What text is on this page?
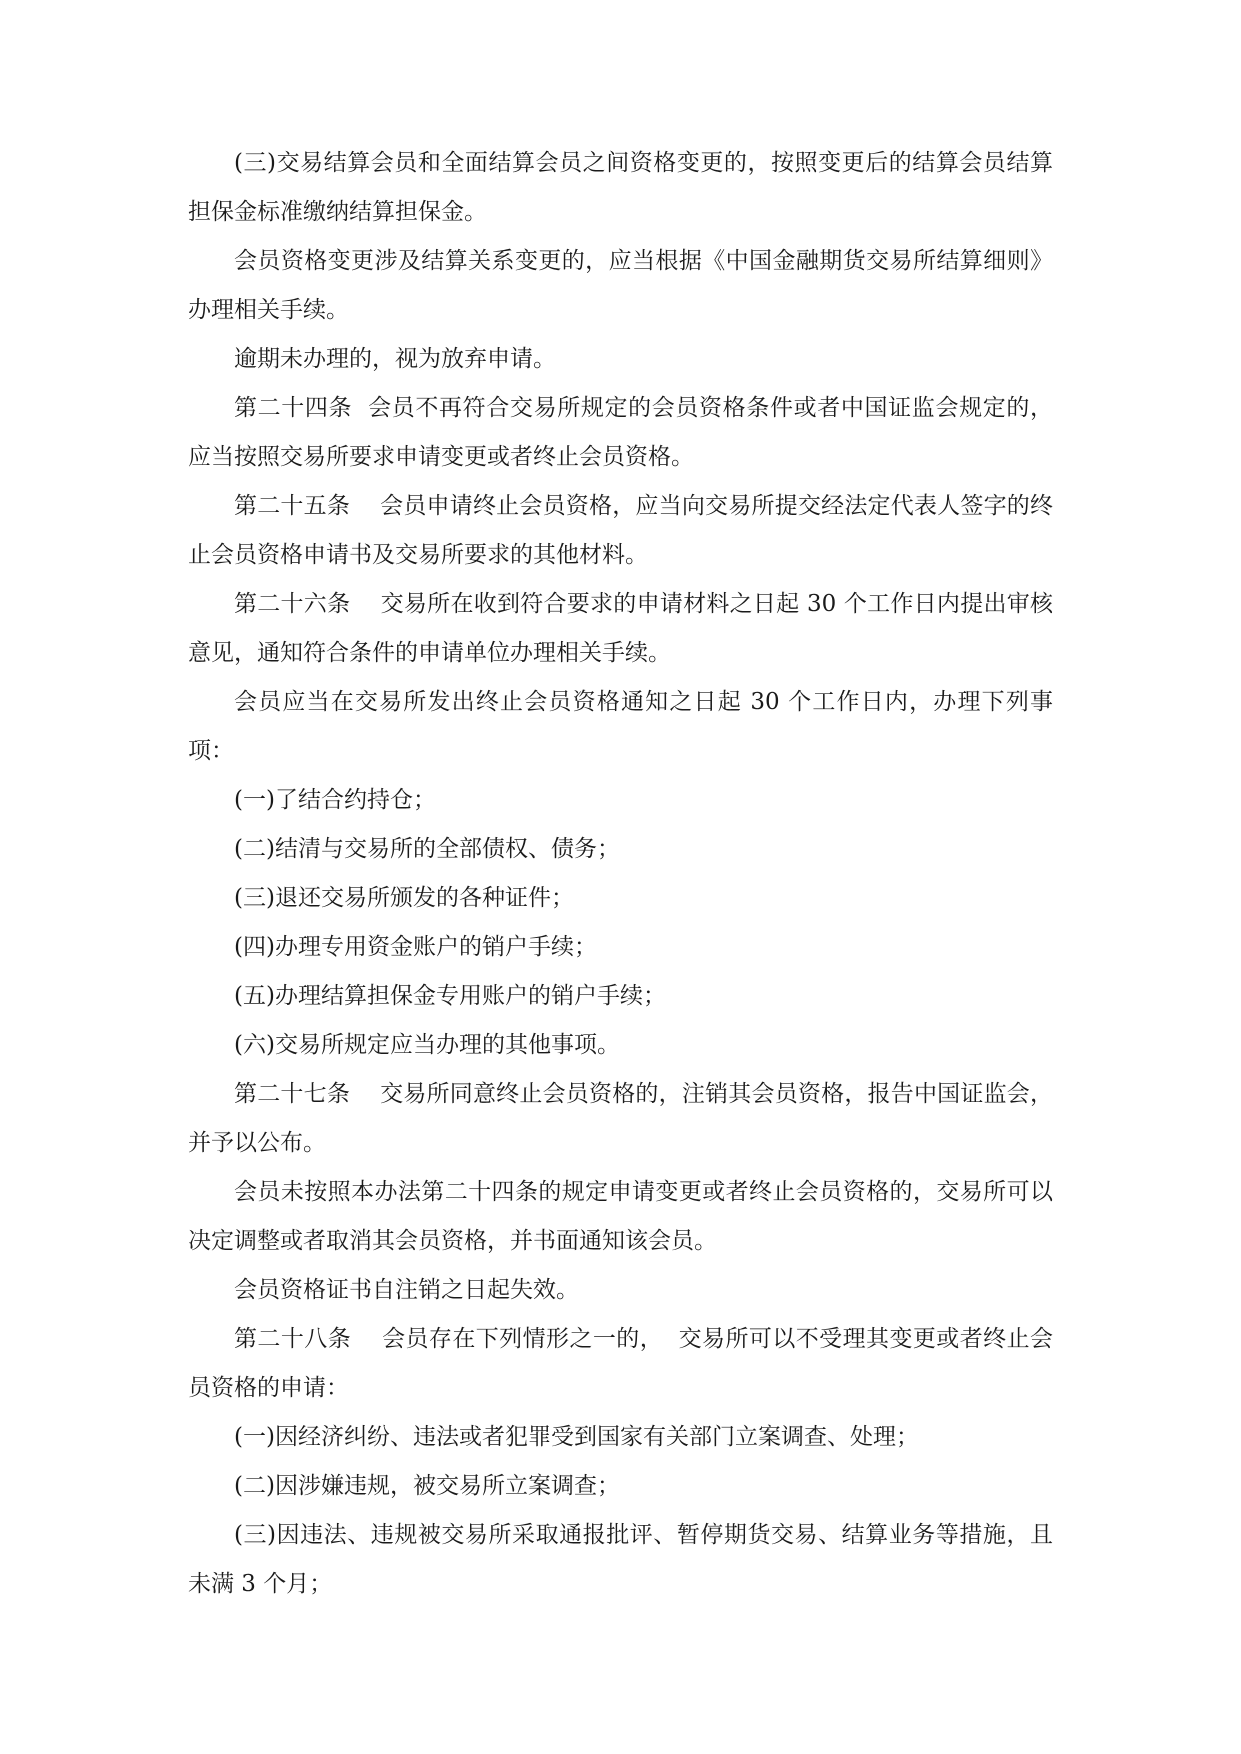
(三)交易结算会员和全面结算会员之间资格变更的，按照变更后的结算会员结算担保金标准缴纳结算担保金。

会员资格变更涉及结算关系变更的，应当根据《中国金融期货交易所结算细则》办理相关手续。

逾期未办理的，视为放弃申请。

第二十四条  会员不再符合交易所规定的会员资格条件或者中国证监会规定的，应当按照交易所要求申请变更或者终止会员资格。

第二十五条    会员申请终止会员资格，应当向交易所提交经法定代表人签字的终止会员资格申请书及交易所要求的其他材料。

第二十六条    交易所在收到符合要求的申请材料之日起 30 个工作日内提出审核意见，通知符合条件的申请单位办理相关手续。

会员应当在交易所发出终止会员资格通知之日起 30 个工作日内，办理下列事项：

(一)了结合约持仓；

(二)结清与交易所的全部债权、债务；

(三)退还交易所颁发的各种证件；

(四)办理专用资金账户的销户手续；

(五)办理结算担保金专用账户的销户手续；

(六)交易所规定应当办理的其他事项。

第二十七条    交易所同意终止会员资格的，注销其会员资格，报告中国证监会，并予以公布。

会员未按照本办法第二十四条的规定申请变更或者终止会员资格的，交易所可以决定调整或者取消其会员资格，并书面通知该会员。

会员资格证书自注销之日起失效。

第二十八条    会员存在下列情形之一的，  交易所可以不受理其变更或者终止会员资格的申请：

(一)因经济纠纷、违法或者犯罪受到国家有关部门立案调查、处理；

(二)因涉嫌违规，被交易所立案调查；

(三)因违法、违规被交易所采取通报批评、暂停期货交易、结算业务等措施，且未满 3 个月；
